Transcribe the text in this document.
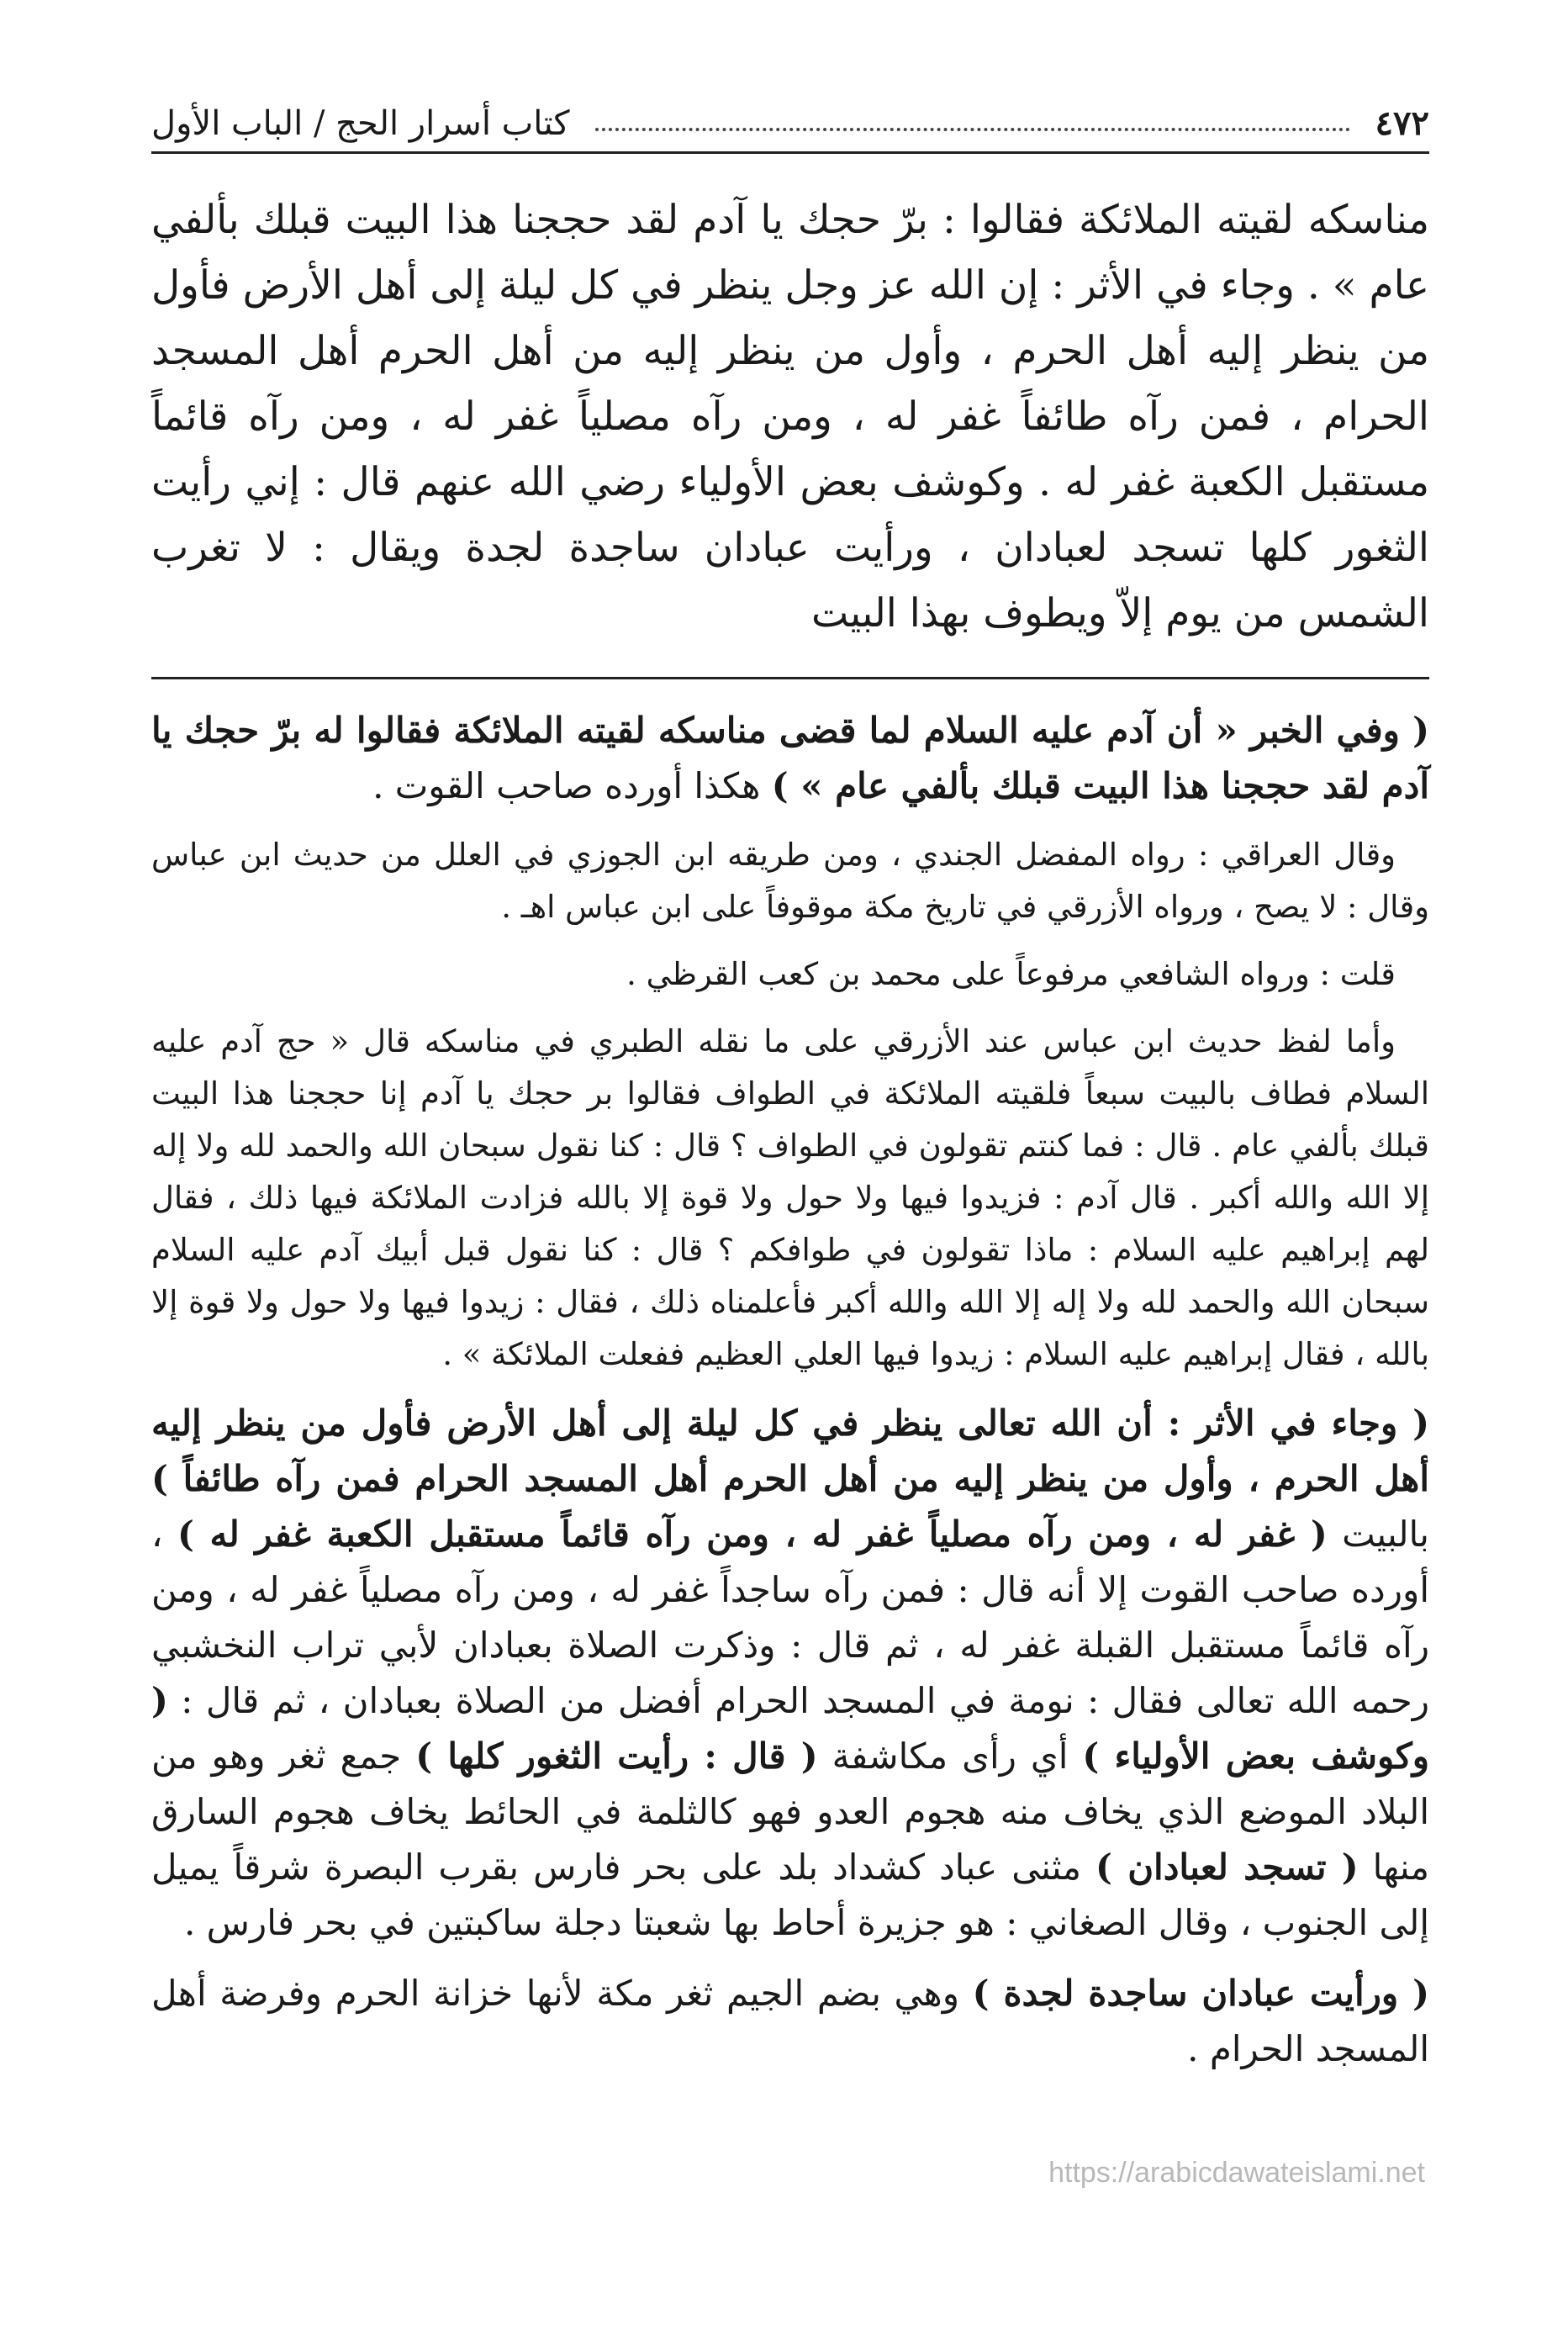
٤٧٢
كتاب أسرار الحج / الباب الأول

مناسكه لقيته الملائكة فقالوا : برّ حجك يا آدم لقد حججنا هذا البيت قبلك بألفي عام » . وجاء في الأثر : إن الله عز وجل ينظر في كل ليلة إلى أهل الأرض فأول من ينظر إليه أهل الحرم ، وأول من ينظر إليه من أهل الحرم أهل المسجد الحرام ، فمن رآه طائفاً غفر له ، ومن رآه مصلياً غفر له ، ومن رآه قائماً مستقبل الكعبة غفر له . وكوشف بعض الأولياء رضي الله عنهم قال : إني رأيت الثغور كلها تسجد لعبادان ، ورأيت عبادان ساجدة لجدة ويقال : لا تغرب الشمس من يوم إلاّ ويطوف بهذا البيت

( وفي الخبر « أن آدم عليه السلام لما قضى مناسكه لقيته الملائكة فقالوا له برّ حجك يا آدم لقد حججنا هذا البيت قبلك بألفي عام » ) هكذا أورده صاحب القوت .

وقال العراقي : رواه المفضل الجندي ، ومن طريقه ابن الجوزي في العلل من حديث ابن عباس وقال : لا يصح ، ورواه الأزرقي في تاريخ مكة موقوفاً على ابن عباس اهـ .

قلت : ورواه الشافعي مرفوعاً على محمد بن كعب القرظي .

وأما لفظ حديث ابن عباس عند الأزرقي على ما نقله الطبري في مناسكه قال « حج آدم عليه السلام فطاف بالبيت سبعاً فلقيته الملائكة في الطواف فقالوا بر حجك يا آدم إنا حججنا هذا البيت قبلك بألفي عام . قال : فما كنتم تقولون في الطواف ؟ قال : كنا نقول سبحان الله والحمد لله ولا إله إلا الله والله أكبر . قال آدم : فزيدوا فيها ولا حول ولا قوة إلا بالله فزادت الملائكة فيها ذلك ، فقال لهم إبراهيم عليه السلام : ماذا تقولون في طوافكم ؟ قال : كنا نقول قبل أبيك آدم عليه السلام سبحان الله والحمد لله ولا إله إلا الله والله أكبر فأعلمناه ذلك ، فقال : زيدوا فيها ولا حول ولا قوة إلا بالله ، فقال إبراهيم عليه السلام : زيدوا فيها العلي العظيم ففعلت الملائكة » .

( وجاء في الأثر : أن الله تعالى ينظر في كل ليلة إلى أهل الأرض فأول من ينظر إليه أهل الحرم ، وأول من ينظر إليه من أهل الحرم أهل المسجد الحرام فمن رآه طائفاً ) بالبيت ( غفر له ، ومن رآه مصلياً غفر له ، ومن رآه قائماً مستقبل الكعبة غفر له ) ، أورده صاحب القوت إلا أنه قال : فمن رآه ساجداً غفر له ، ومن رآه مصلياً غفر له ، ومن رآه قائماً مستقبل القبلة غفر له ، ثم قال : وذكرت الصلاة بعبادان لأبي تراب النخشبي رحمه الله تعالى فقال : نومة في المسجد الحرام أفضل من الصلاة بعبادان ، ثم قال : ( وكوشف بعض الأولياء ) أي رأى مكاشفة ( قال : رأيت الثغور كلها ) جمع ثغر وهو من البلاد الموضع الذي يخاف منه هجوم العدو فهو كالثلمة في الحائط يخاف هجوم السارق منها ( تسجد لعبادان ) مثنى عباد كشداد بلد على بحر فارس بقرب البصرة شرقاً يميل إلى الجنوب ، وقال الصغاني : هو جزيرة أحاط بها شعبتا دجلة ساكبتين في بحر فارس .

( ورأيت عبادان ساجدة لجدة ) وهي بضم الجيم ثغر مكة لأنها خزانة الحرم وفرضة أهل المسجد الحرام .

https://arabicdawateislami.net
